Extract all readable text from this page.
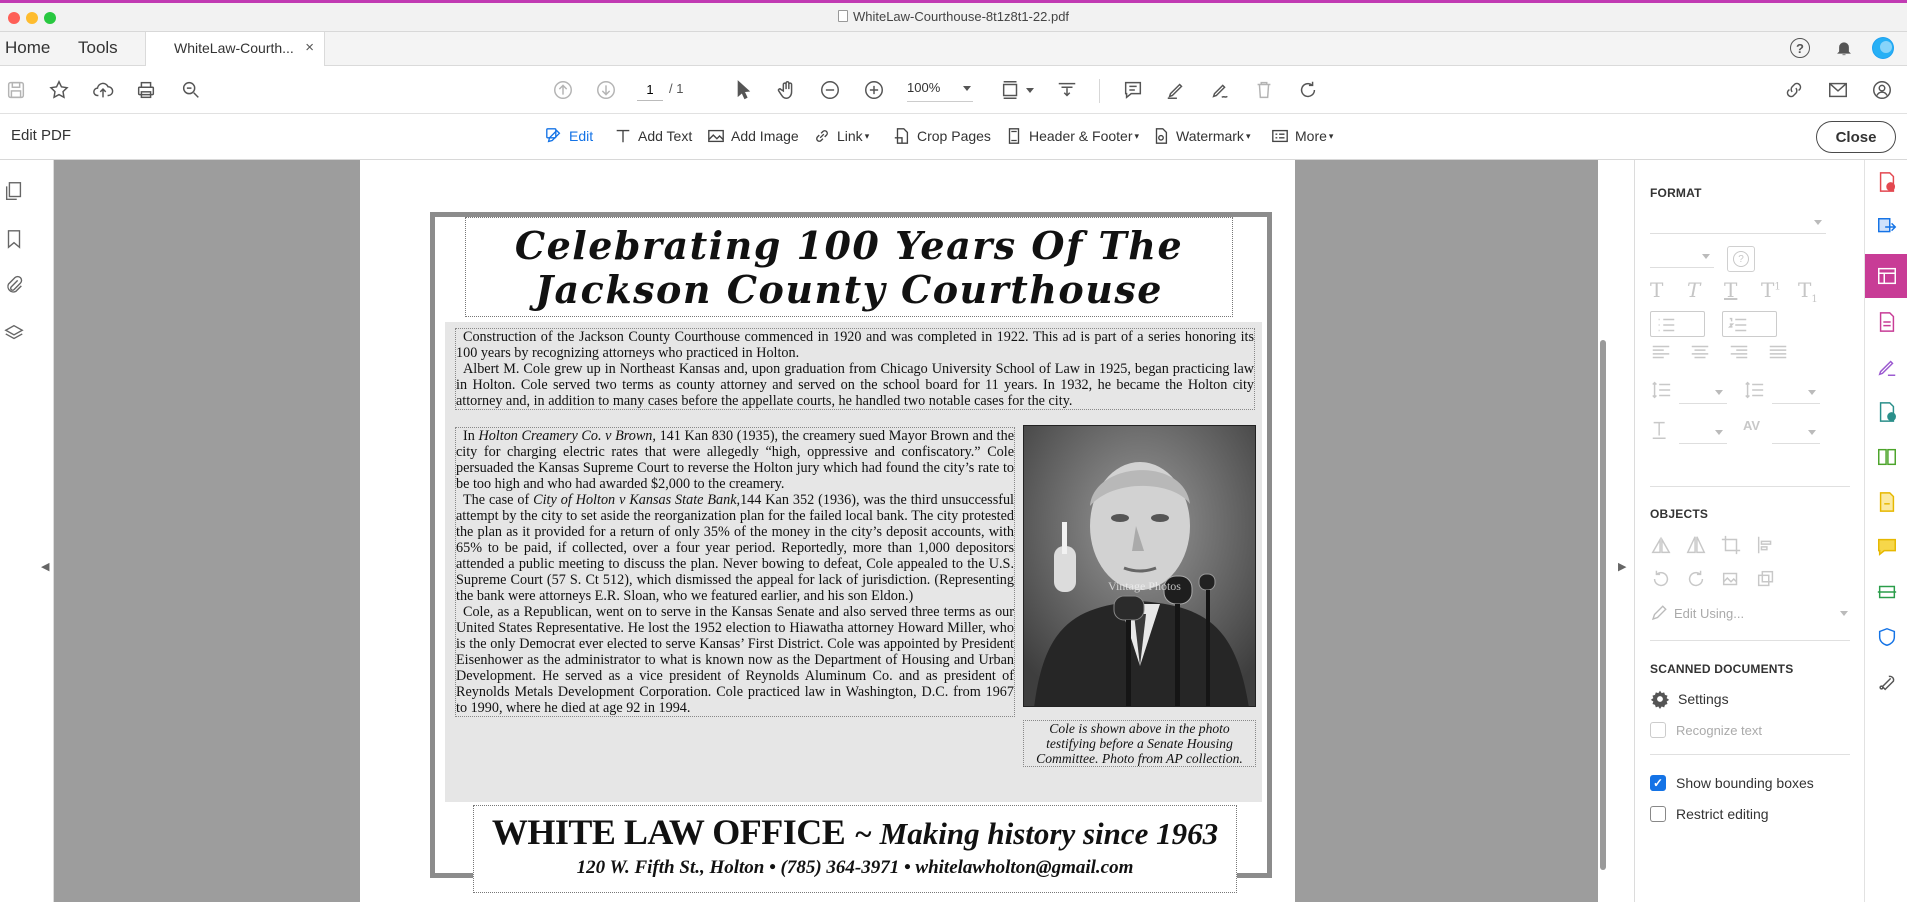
WhiteLaw-Courthouse-8t1z8t1-22.pdf
Home Tools	WhiteLaw-Courth... ×	?
1
/ 1	100%
Edit PDF	Edit	Add Text	Add Image	Link ▾	Crop Pages	Header & Footer ▾	Watermark ▾	More ▾	Close
◀	▶
Celebrating 100 Years Of The
Jackson County Courthouse

Construction of the Jackson County Courthouse commenced in 1920 and was completed in 1922. This ad is part of a series honoring its 100 years by recognizing attorneys who practiced in Holton.

Albert M. Cole grew up in Northeast Kansas and, upon graduation from Chicago University School of Law in 1925, began practicing law in Holton. Cole served two terms as county attorney and served on the school board for 11 years. In 1932, he became the Holton city attorney and, in addition to many cases before the appellate courts, he handled two notable cases for the city.

In Holton Creamery Co. v Brown, 141 Kan 830 (1935), the creamery sued Mayor Brown and the city for charging electric rates that were allegedly “high, oppressive and confiscatory.” Cole persuaded the Kansas Supreme Court to reverse the Holton jury which had found the city’s rate to be too high and who had awarded $2,000 to the creamery.

The case of City of Holton v Kansas State Bank,144 Kan 352 (1936), was the third unsuccessful attempt by the city to set aside the reorganization plan for the failed local bank. The city protested the plan as it provided for a return of only 35% of the money in the city’s deposit accounts, with 65% to be paid, if collected, over a four year period. Reportedly, more than 1,000 depositors attended a public meeting to discuss the plan. Never bowing to defeat, Cole appealed to the U.S. Supreme Court (57 S. Ct 512), which dismissed the appeal for lack of jurisdiction. (Representing the bank were attorneys E.R. Sloan, who we featured earlier, and his son Eldon.)

Cole, as a Republican, went on to serve in the Kansas Senate and also served three terms as our United States Representative. He lost the 1952 election to Hiawatha attorney Howard Miller, who is the only Democrat ever elected to serve Kansas’ First District. Cole was appointed by President Eisenhower as the administrator to what is known now as the Department of Housing and Urban Development. He served as a vice president of Reynolds Aluminum Co. and as president of Reynolds Metals Development Corporation. Cole practiced law in Washington, D.C. from 1967 to 1990, where he died at age 92 in 1994.

Vintage Photos
Cole is shown above in the photo testifying before a Senate Housing Committee. Photo from AP collection.
WHITE LAW OFFICE ~ Making history since 1963
120 W. Fifth St., Holton • (785) 364-3971 • whitelawholton@gmail.com
FORMAT
?
T T T $T^1$ $T_1$
AV
OBJECTS
Edit Using...
SCANNED DOCUMENTS
Settings
Recognize text
✓ Show bounding boxes
Restrict editing
